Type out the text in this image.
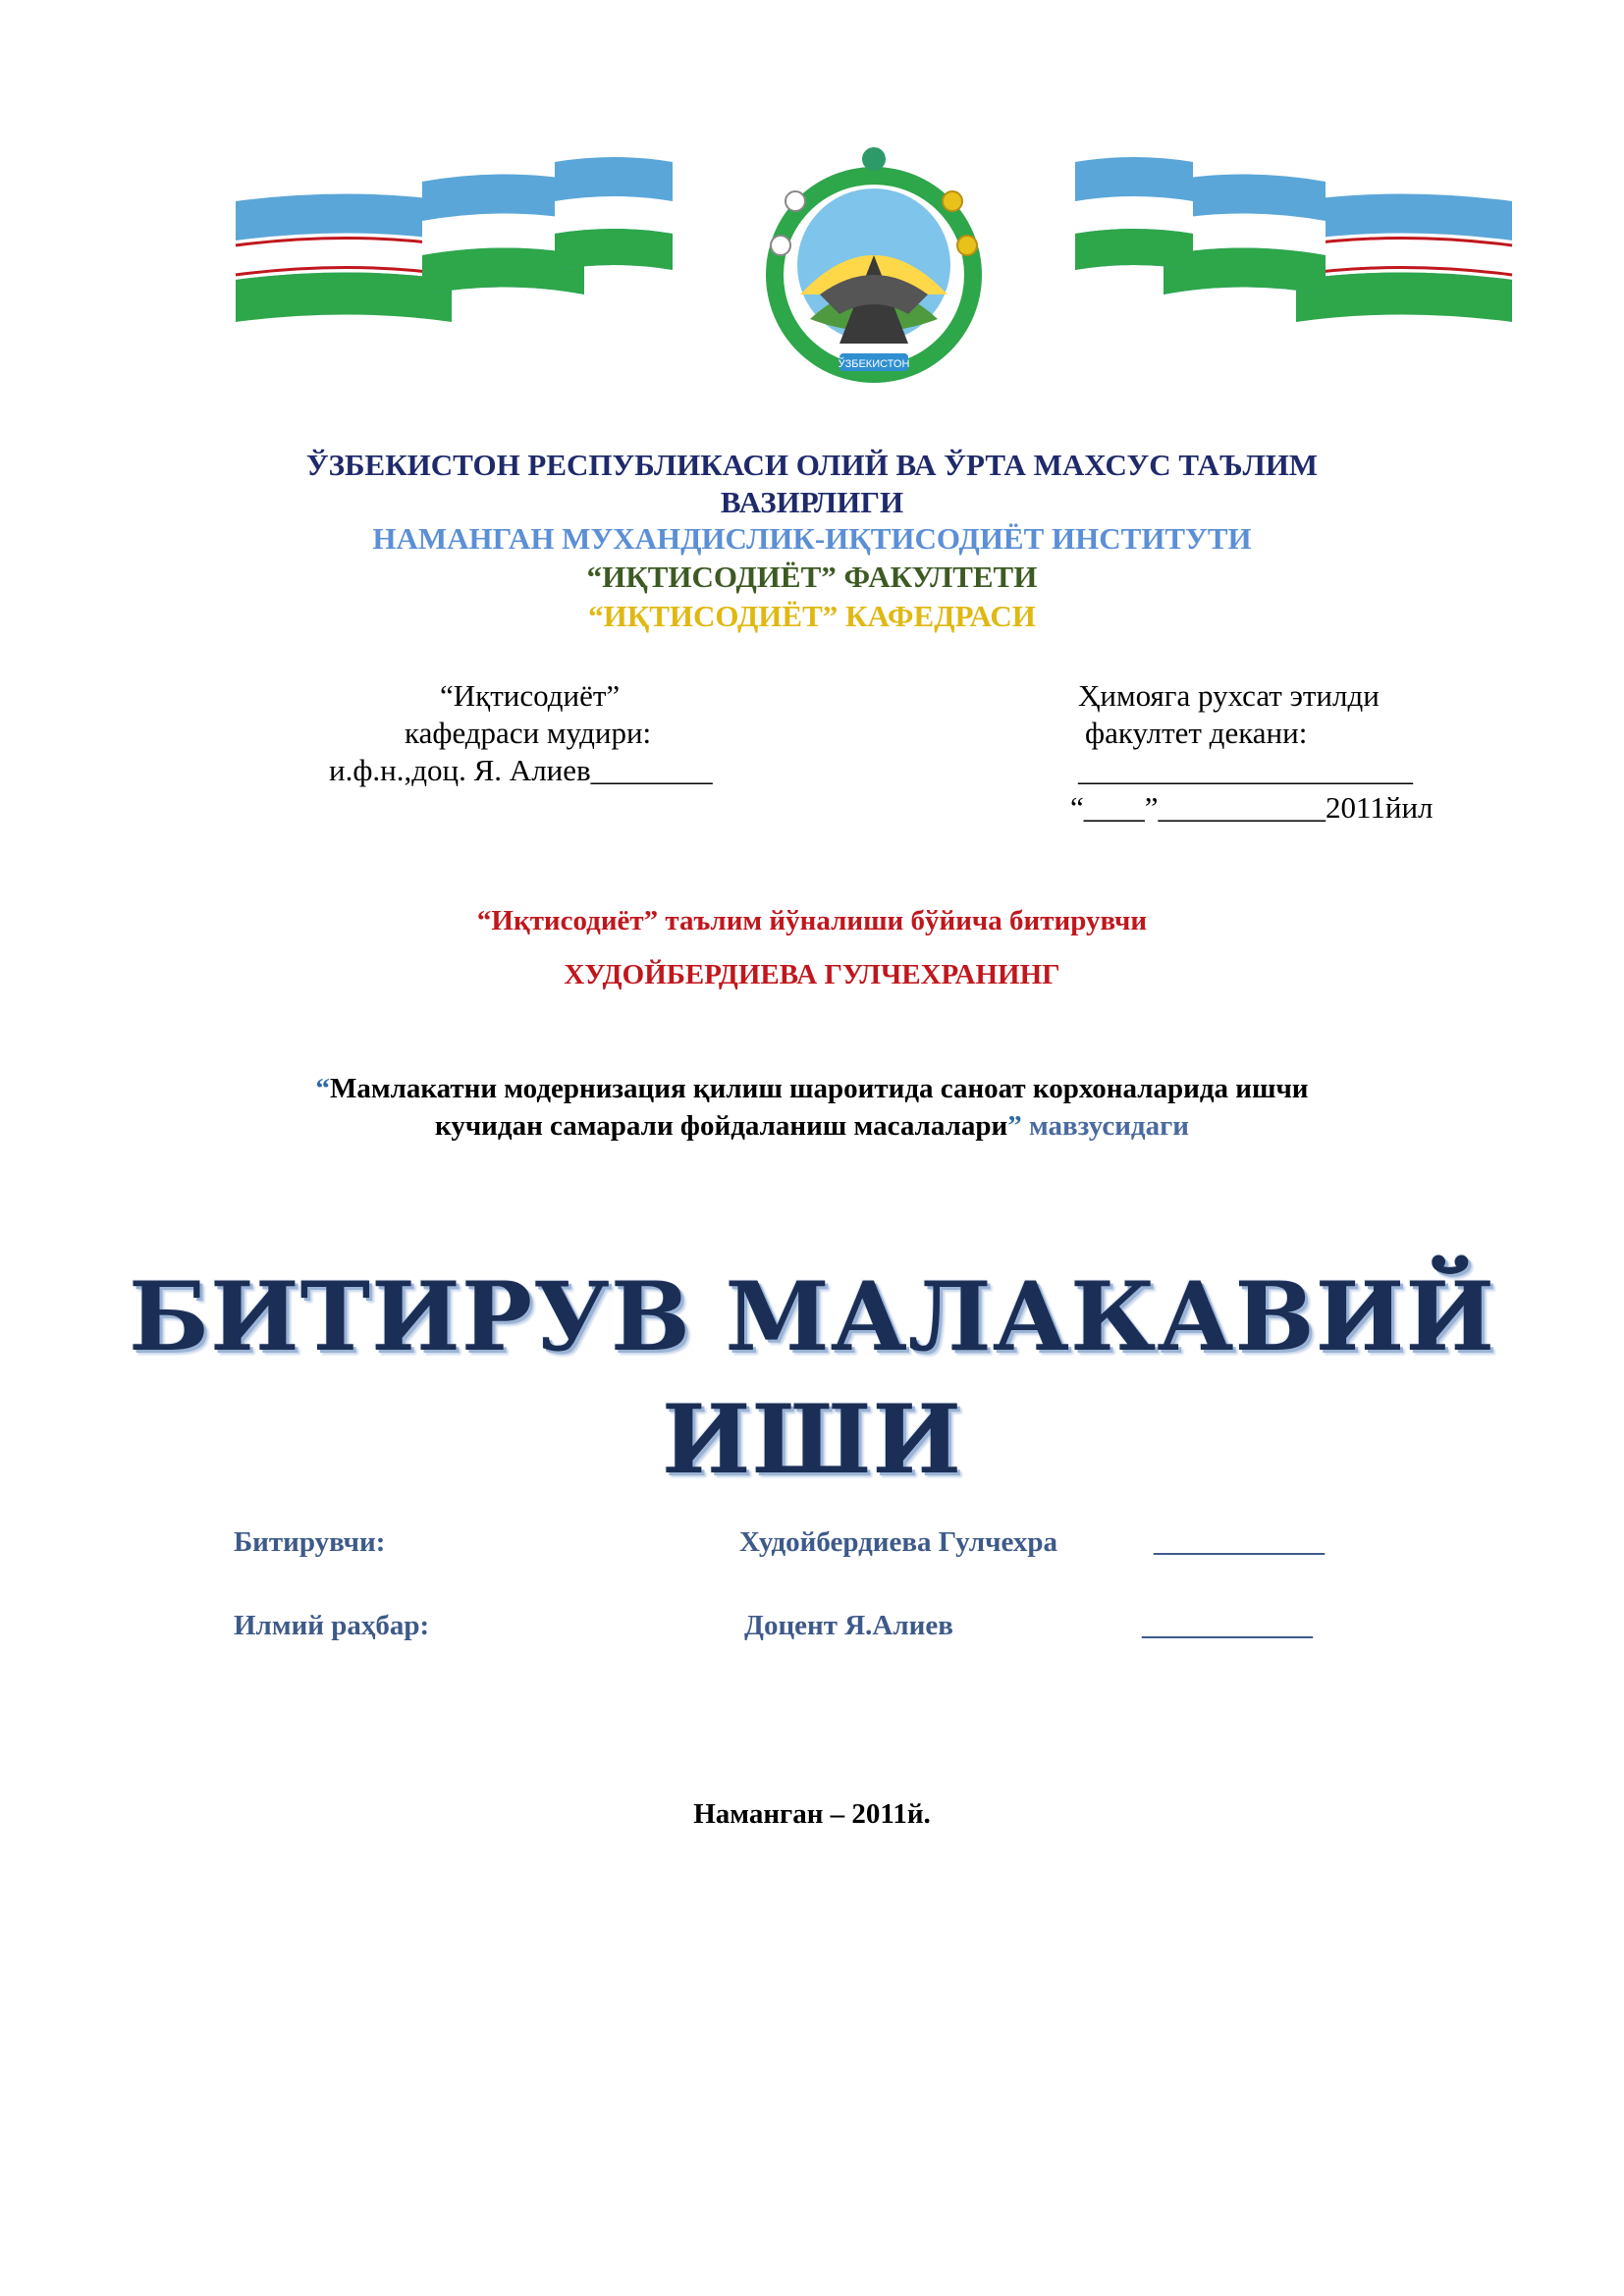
ЎЗБЕКИСТОН
ЎЗБЕКИСТОН РЕСПУБЛИКАСИ ОЛИЙ ВА ЎРТА МАХСУС ТАЪЛИМ
ВАЗИРЛИГИ
НАМАНГАН МУХАНДИСЛИК-ИҚТИСОДИЁТ ИНСТИТУТИ
“ИҚТИСОДИЁТ” ФАКУЛТЕТИ
“ИҚТИСОДИЁТ” КАФЕДРАСИ
“Иқтисодиёт”
кафедраси мудири:
и.ф.н.,доц. Я. Алиев________
Ҳимояга рухсат этилди
факултет декани:
______________________
“____”___________2011йил
“Иқтисодиёт” таълим йўналиши бўйича битирувчи
ХУДОЙБЕРДИЕВА ГУЛЧЕХРАНИНГ
“Мамлакатни модернизация қилиш шароитида саноат корхоналарида ишчи
кучидан самарали фойдаланиш масалалари” мавзусидаги
БИТИРУВ МАЛАКАВИЙ
ИШИ
Битирувчи:	Худойбердиева Гулчехра	____________
Илмий раҳбар:	Доцент Я.Алиев	____________
Наманган – 2011й.
